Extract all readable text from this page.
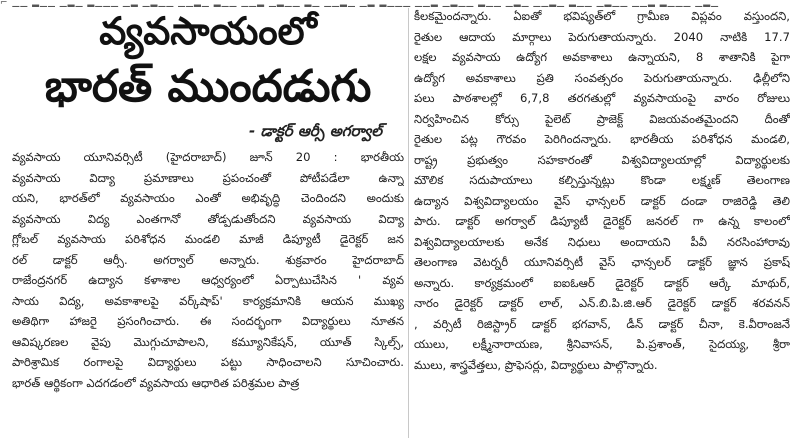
⌐ ▁▁ ▂▁▁ ▁▂▁ ▂▁▁▁ ▁▂ ▁▂▁▁ ▁▁▂▁ ▂▁▁ ▁▁▂ ▁▂▁▁ ▂▁ ▁▁▂▁ ▁▂ ▂▁▁▁ ▁▁▂ ▁▂▁▁ ▂▁▁ ▁▂▁ ▁▁▂▁ ▂▁▁ ▁▂▁▁ ▁▁▂ ▂▁▁▁ ▁▂▁
వ్యవసాయంలో
భారత్ ముందడుగు
- డాక్టర్ ఆర్సీ అగర్వాల్
వ్యవసాయ యూనివర్సిటీ (హైదరాబాద్) జూన్ 20 : భారతీయ
వ్యవసాయ విద్యా ప్రమాణాలు ప్రపంచంతో పోటీపడేలా ఉన్నా
యని, భారత్‌లో వ్యవసాయం ఎంతో అభివృద్ధి చెందిందని అందుకు
వ్యవసాయ విద్య ఎంతగానో తోడ్పడుతోందని వ్యవసాయ విద్యా
గ్లోబల్ వ్యవసాయ పరిశోధన మండలి మాజీ డిప్యూటీ డైరెక్టర్ జన
రల్ డాక్టర్ ఆర్సీ. అగర్వాల్ అన్నారు. శుక్రవారం హైదరాబాద్
రాజేంద్రనగర్ ఉద్యాన కళాశాల ఆధ్వర్యంలో ఏర్పాటుచేసిన ' వ్యవ
సాయ విద్య, అవకాశాలపై వర్క్‌షాప్' కార్యక్రమానికి ఆయన ముఖ్య
అతిథిగా హాజరై ప్రసంగించారు. ఈ సందర్భంగా విద్యార్థులు నూతన
ఆవిష్కరణల వైపు మొగ్గుచూపాలని, కమ్యూనికేషన్, యూత్ స్కిల్స్,
పారిశ్రామిక రంగాలపై విద్యార్థులు పట్టు సాధించాలని సూచించారు.
భారత్ ఆర్థికంగా ఎదగడంలో వ్యవసాయ ఆధారిత పరిశ్రమల పాత్ర
కీలకమైందన్నారు. ఏఐతో భవిష్యత్‌లో గ్రామీణ విప్లవం వస్తుందని,
రైతుల ఆదాయ మార్గాలు పెరుగుతాయన్నారు. 2040 నాటికి 17.7
లక్షల వ్యవసాయ ఉద్యోగ అవకాశాలు ఉన్నాయని, 8 శాతానికి పైగా
ఉద్యోగ అవకాశాలు ప్రతి సంవత్సరం పెరుగుతాయన్నారు. ఢిల్లీలోని
పలు పాఠశాలల్లో 6,7,8 తరగతుల్లో వ్యవసాయంపై వారం రోజులు
నిర్వహించిన కోర్సు పైలెట్ ప్రాజెక్ట్ విజయవంతమైందని దీంతో
రైతుల పట్ల గౌరవం పెరిగిందన్నారు. భారతీయ పరిశోధన మండలి,
రాష్ట్ర ప్రభుత్వం సహకారంతో విశ్వవిద్యాలయాల్లో విద్యార్థులకు
మౌలిక సదుపాయాలు కల్పిస్తున్నట్లు కొండా లక్ష్మణ్ తెలంగాణ
ఉద్యాన విశ్వవిద్యాలయం వైస్ ఛాన్సలర్ డాక్టర్ దండా రాజిరెడ్డి తెలి
పారు. డాక్టర్ అగర్వాల్ డిప్యూటీ డైరెక్టర్ జనరల్ గా ఉన్న కాలంలో
విశ్వవిద్యాలయాలకు అనేక నిధులు అందాయని పీవీ నరసింహారావు
తెలంగాణ వెటర్నరీ యూనివర్సిటీ వైస్ ఛాన్సలర్ డాక్టర్ జ్ఞాన ప్రకాష్
అన్నారు. కార్యక్రమంలో ఐఐఓఆర్ డైరెక్టర్ డాక్టర్ ఆర్కే మాథుర్,
నారం డైరెక్టర్ డాక్టర్ లాల్, ఎన్.బి.పి.జి.ఆర్ డైరెక్టర్ డాక్టర్ శరవనన్
, వర్సిటీ రిజిస్ట్రార్ డాక్టర్ భగవాన్, డీన్ డాక్టర్ చీనా, కె.వీరాంజనే
యులు, లక్ష్మీనారాయణ, శ్రీనివాసన్, పి.ప్రశాంత్, సైదయ్య, శ్రీరా
ములు, శాస్త్రవేత్తలు, ప్రొఫెసర్లు, విద్యార్థులు పాల్గొన్నారు.
